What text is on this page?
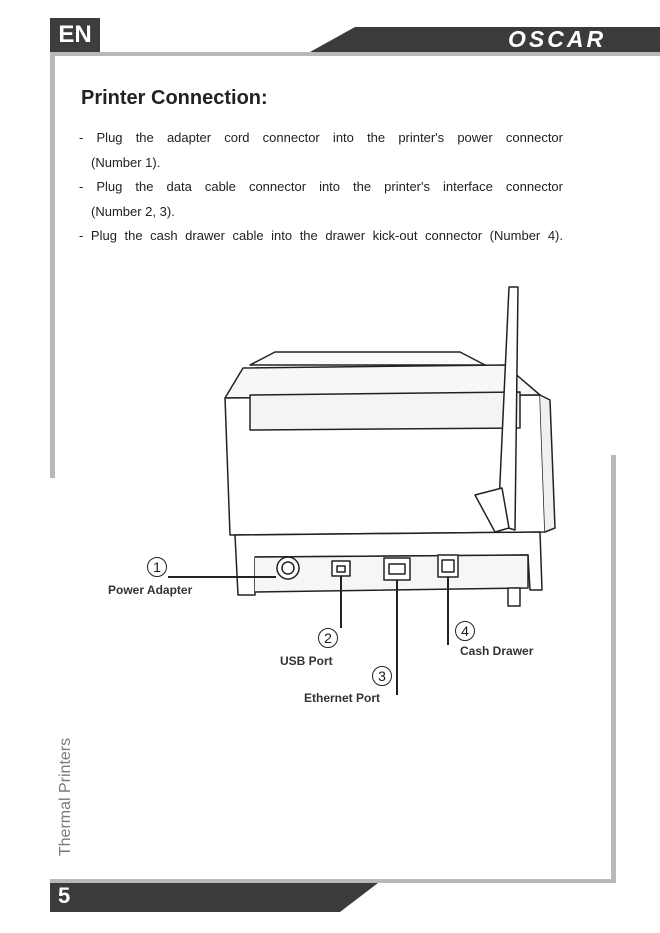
EN	OSCAR
Printer Connection:

- Plug the adapter cord connector into the printer's power connector

(Number 1).

- Plug the data cable connector into the printer's interface connector

(Number 2, 3).

- Plug the cash drawer cable into the drawer kick-out connector (Number 4).

1
Power Adapter
2
USB Port
3
Ethernet Port
4
Cash Drawer
Thermal Printers
5
